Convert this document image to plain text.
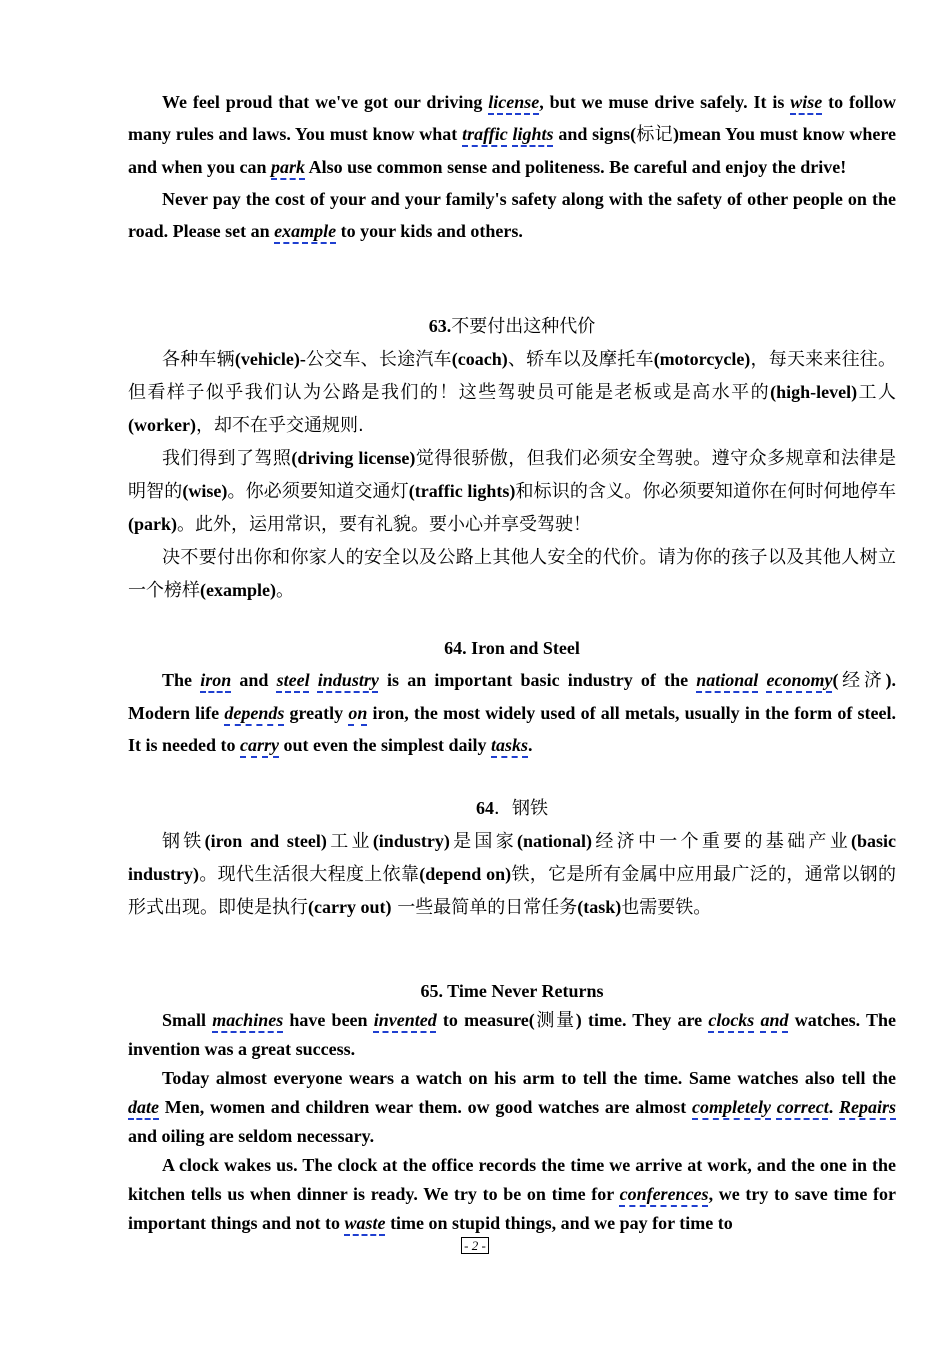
We feel proud that we've got our driving license, but we muse drive safely. It is wise to follow many rules and laws. You must know what traffic lights and signs(标记)mean You must know where and when you can park Also use common sense and politeness. Be careful and enjoy the drive!

Never pay the cost of your and your family's safety along with the safety of other people on the road. Please set an example to your kids and others.

63.不要付出这种代价

各种车辆(vehicle)-公交车、长途汽车(coach)、轿车以及摩托车(motorcycle)，每天来来往往。但看样子似乎我们认为公路是我们的！这些驾驶员可能是老板或是高水平的(high-level)工人(worker)，却不在乎交通规则.

我们得到了驾照(driving license)觉得很骄傲，但我们必须安全驾驶。遵守众多规章和法律是明智的(wise)。你必须要知道交通灯(traffic lights)和标识的含义。你必须要知道你在何时何地停车(park)。此外，运用常识，要有礼貌。要小心并享受驾驶！

决不要付出你和你家人的安全以及公路上其他人安全的代价。请为你的孩子以及其他人树立一个榜样(example)。

64. Iron and Steel

The iron and steel industry is an important basic industry of the national economy(经济). Modern life depends greatly on iron, the most widely used of all metals, usually in the form of steel. It is needed to carry out even the simplest daily tasks.

64．钢铁

钢铁(iron and steel)工业(industry)是国家(national)经济中一个重要的基础产业(basic industry)。现代生活很大程度上依靠(depend on)铁，它是所有金属中应用最广泛的，通常以钢的形式出现。即使是执行(carry out) 一些最简单的日常任务(task)也需要铁。

65. Time Never Returns

Small machines have been invented to measure(测量) time. They are clocks and watches. The invention was a great success.

Today almost everyone wears a watch on his arm to tell the time. Same watches also tell the date Men, women and children wear them. ow good watches are almost completely correct. Repairs and oiling are seldom necessary.

A clock wakes us. The clock at the office records the time we arrive at work, and the one in the kitchen tells us when dinner is ready. We try to be on time for conferences, we try to save time for important things and not to waste time on stupid things, and we pay for time to

- 2 -
